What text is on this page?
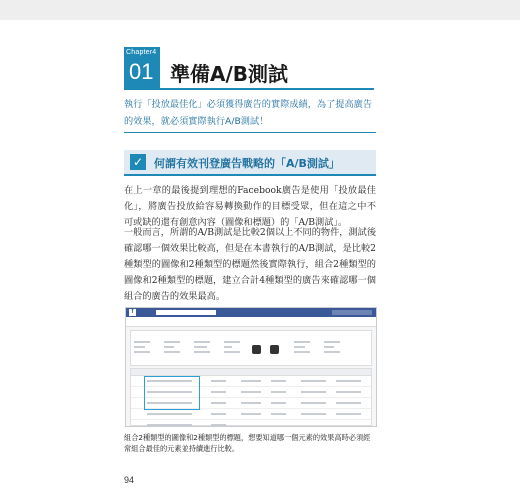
Chapter4
01 準備A/B測試
執行「投放最佳化」必須獲得廣告的實際成績，為了提高廣告的效果，就必須實際執行A/B測試！
✓ 何謂有效刊登廣告戰略的「A/B測試」
在上一章的最後提到理想的Facebook廣告是使用「投放最佳化」，將廣告投放給容易轉換動作的目標受眾，但在這之中不可或缺的還有創意內容（圖像和標題）的「A/B測試」。
一般而言，所謂的A/B測試是比較2個以上不同的物件，測試後確認哪一個效果比較高，但是在本書執行的A/B測試，是比較2種類型的圖像和2種類型的標題然後實際執行，組合2種類型的圖像和2種類型的標題，建立合計4種類型的廣告來確認哪一個組合的廣告的效果最高。
f
組合2種類型的圖像和2種類型的標題，想要知道哪一個元素的效果高時必須經常組合最佳的元素並持續進行比較。
94
